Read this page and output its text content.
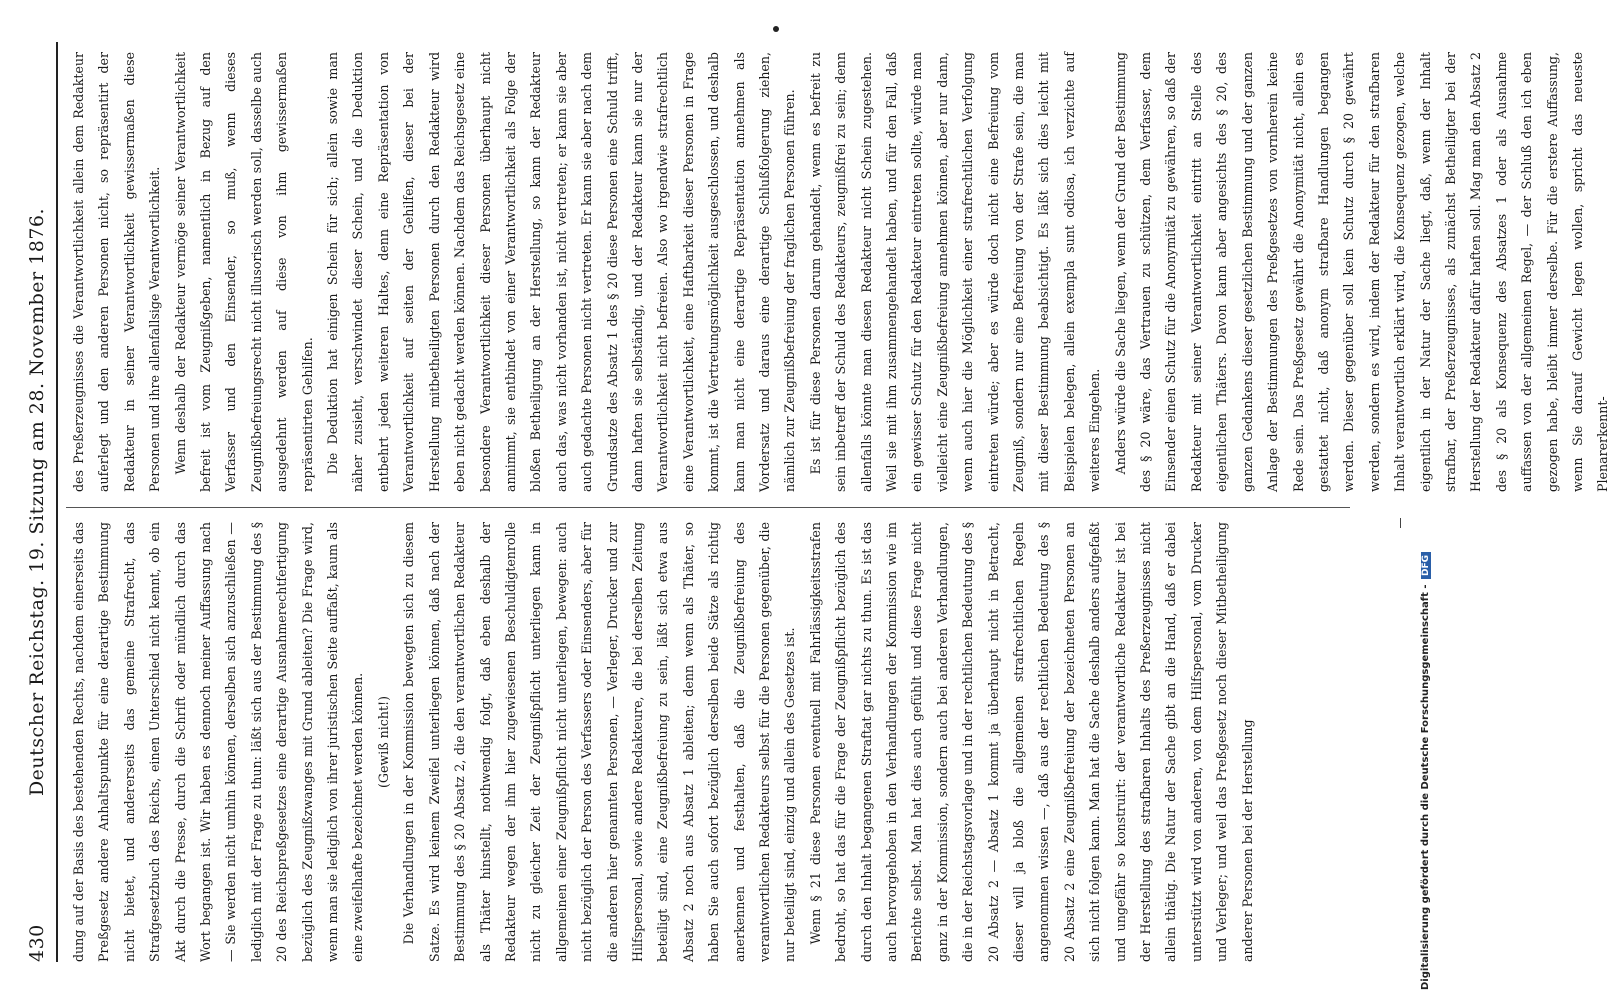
430
Deutscher Reichstag. 19. Sitzung am 28. November 1876.	dung auf der Basis des bestehenden Rechts, nachdem einerseits das Preßgesetz andere Anhaltspunkte für eine derartige Bestimmung nicht bietet, und andererseits das gemeine Strafrecht, das Strafgesetzbuch des Reichs, einen Unterschied nicht kennt, ob ein Akt durch die Presse, durch die Schrift oder mündlich durch das Wort begangen ist. Wir haben es dennoch meiner Auffassung nach — Sie werden nicht umhin können, derselben sich anzuschließen — lediglich mit der Frage zu thun: läßt sich aus der Bestimmung des § 20 des Reichspreßgesetzes eine derartige Ausnahmerechtfertigung bezüglich des Zeugnißzwanges mit Grund ableiten? Die Frage wird, wenn man sie lediglich von ihrer juristischen Seite auffaßt, kaum als eine zweifelhafte bezeichnet werden können. (Gewiß nicht!) Die Verhandlungen in der Kommission bewegten sich zu diesem Satze. Es wird keinem Zweifel unterliegen können, daß nach der Bestimmung des § 20 Absatz 2, die den verantwortlichen Redakteur als Thäter hinstellt, nothwendig folgt, daß eben deshalb der Redakteur wegen der ihm hier zugewiesenen Beschuldigtenrolle nicht zu gleicher Zeit der Zeugnißpflicht unterliegen kann in allgemeinen einer Zeugnißpflicht nicht unterliegen, bewegen: auch nicht bezüglich der Person des Verfassers oder Einsenders, aber für die anderen hier genannten Personen, — Verleger, Drucker und zur Hilfspersonal, sowie andere Redakteure, die bei derselben Zeitung beteiligt sind, eine Zeugnißbefreiung zu sein, läßt sich etwa aus Absatz 2 noch aus Absatz 1 ableiten; denn wenn als Thäter, so haben Sie auch sofort bezüglich derselben beide Sätze als richtig anerkennen und festhalten, daß die Zeugnißbefreiung des verantwortlichen Redakteurs selbst für die Personen gegenüber, die nur beteiligt sind, einzig und allein des Gesetzes ist. Wenn § 21 diese Personen eventuell mit Fahrlässigkeitsstrafen bedroht, so hat das für die Frage der Zeugnißpflicht bezüglich des durch den Inhalt begangenen Straftat gar nichts zu thun. Es ist das auch hervorgehoben in den Verhandlungen der Kommission wie im Berichte selbst. Man hat dies auch gefühlt und diese Frage nicht ganz in der Kommission, sondern auch bei anderen Verhandlungen, die in der Reichstagsvorlage und in der rechtlichen Bedeutung des § 20 Absatz 2 — Absatz 1 kommt ja überhaupt nicht in Betracht, dieser will ja bloß die allgemeinen strafrechtlichen Regeln angenommen wissen —, daß aus der rechtlichen Bedeutung des § 20 Absatz 2 eine Zeugnißbefreiung der bezeichneten Personen an sich nicht folgen kann. Man hat die Sache deshalb anders aufgefaßt und ungefähr so konstruirt: der verantwortliche Redakteur ist bei der Herstellung des strafbaren Inhalts des Preßerzeugnisses nicht allein thätig. Die Natur der Sache gibt an die Hand, daß er dabei unterstützt wird von anderen, von dem Hilfspersonal, vom Drucker und Verleger; und weil das Preßgesetz noch dieser Mitbetheiligung anderer Personen bei der Herstellung

des Preßerzeugnisses die Verantwortlichkeit allein dem Redakteur auferlegt und den anderen Personen nicht, so repräsentirt der Redakteur in seiner Verantwortlichkeit gewissermaßen diese Personen und ihre allenfallsige Verantwortlichkeit. Wenn deshalb der Redakteur vermöge seiner Verantwortlichkeit befreit ist vom Zeugnißgeben, namentlich in Bezug auf den Verfasser und den Einsender, so muß, wenn dieses Zeugnißbefreiungsrecht nicht illusorisch werden soll, dasselbe auch ausgedehnt werden auf diese von ihm gewissermaßen repräsentirten Gehilfen. Die Deduktion hat einigen Schein für sich; allein sowie man näher zusieht, verschwindet dieser Schein, und die Deduktion entbehrt jeden weiteren Haltes, denn eine Repräsentation von Verantwortlichkeit auf seiten der Gehilfen, dieser bei der Herstellung mitbetheiligten Personen durch den Redakteur wird eben nicht gedacht werden können. Nachdem das Reichsgesetz eine besondere Verantwortlichkeit dieser Personen überhaupt nicht annimmt, sie entbindet von einer Verantwortlichkeit als Folge der bloßen Betheiligung an der Herstellung, so kann der Redakteur auch das, was nicht vorhanden ist, nicht vertreten; er kann sie aber auch gedachte Personen nicht vertreten. Er kann sie aber nach dem Grundsatze des Absatz 1 des § 20 diese Personen eine Schuld trifft, dann haften sie selbständig, und der Redakteur kann sie nur der Verantwortlichkeit nicht befreien. Also wo irgendwie strafrechtlich eine Verantwortlichkeit, eine Haftbarkeit dieser Personen in Frage kommt, ist die Vertretungsmöglichkeit ausgeschlossen, und deshalb kann man nicht eine derartige Repräsentation annehmen als Vordersatz und daraus eine derartige Schlußfolgerung ziehen, nämlich zur Zeugnißbefreiung der fraglichen Personen führen. Es ist für diese Personen darum gehandelt, wenn es befreit zu sein inbetreff der Schuld des Redakteurs, zeugnißfrei zu sein; denn allenfalls könnte man diesen Redakteur nicht Schein zugestehen. Weil sie mit ihm zusammengehandelt haben, und für den Fall, daß ein gewisser Schutz für den Redakteur eintreten sollte, würde man vielleicht eine Zeugnißbefreiung annehmen können, aber nur dann, wenn auch hier die Möglichkeit einer strafrechtlichen Verfolgung eintreten würde; aber es würde doch nicht eine Befreiung vom Zeugniß, sondern nur eine Befreiung von der Strafe sein, die man mit dieser Bestimmung beabsichtigt. Es läßt sich dies leicht mit Beispielen belegen, allein exempla sunt odiosa, ich verzichte auf weiteres Eingehen. Anders würde die Sache liegen, wenn der Grund der Bestimmung des § 20 wäre, das Vertrauen zu schützen, dem Verfasser, dem Einsender einen Schutz für die Anonymität zu gewähren, so daß der Redakteur mit seiner Verantwortlichkeit eintritt an Stelle des eigentlichen Thäters. Davon kann aber angesichts des § 20, des ganzen Gedankens dieser gesetzlichen Bestimmung und der ganzen Anlage der Bestimmungen des Preßgesetzes von vornherein keine Rede sein. Das Preßgesetz gewährt die Anonymität nicht, allein es gestattet nicht, daß anonym strafbare Handlungen begangen werden. Dieser gegenüber soll kein Schutz durch § 20 gewährt werden, sondern es wird, indem der Redakteur für den strafbaren Inhalt verantwortlich erklärt wird, die Konsequenz gezogen, welche eigentlich in der Natur der Sache liegt, daß, wenn der Inhalt strafbar, der Preßerzeugnisses, als zunächst Betheiligter bei der Herstellung der Redakteur dafür haften soll. Mag man den Absatz 2 des § 20 als Konsequenz des Absatzes 1 oder als Ausnahme auffassen von der allgemeinen Regel, — der Schluß den ich eben gezogen habe, bleibt immer derselbe. Für die erstere Auffassung, wenn Sie darauf Gewicht legen wollen, spricht das neueste Plenarerkennt-

Digitalisierung gefördert durch die Deutsche Forschungsgemeinschaft - DFG
